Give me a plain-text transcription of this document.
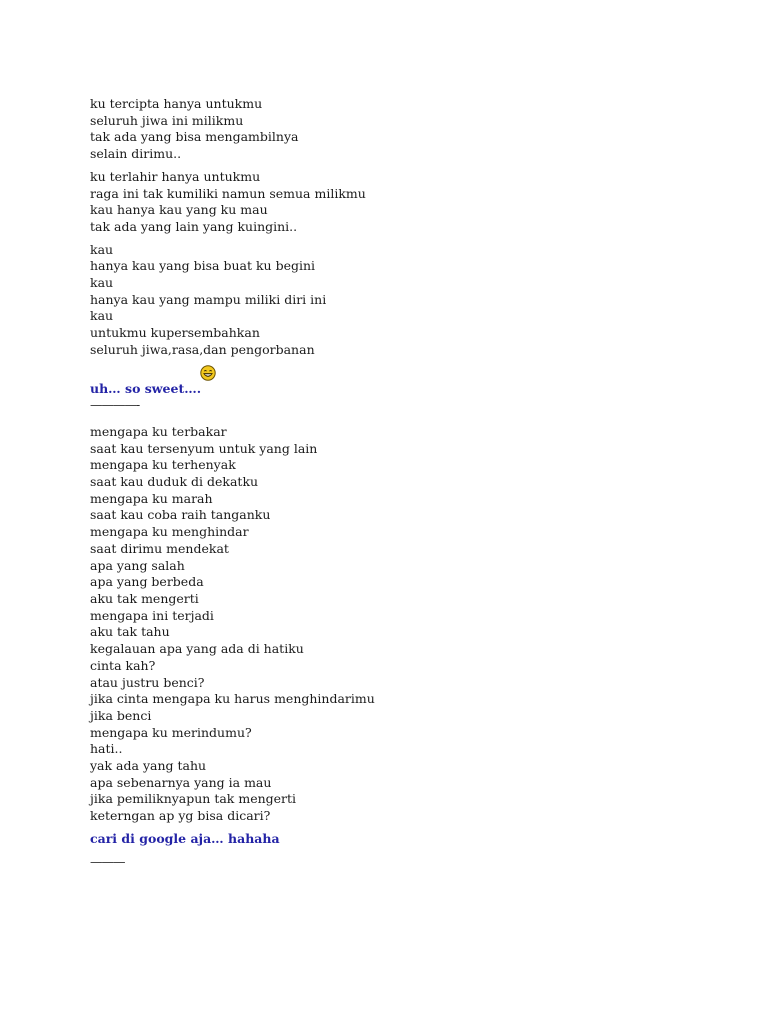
ku tercipta hanya untukmu
seluruh jiwa ini milikmu
tak ada yang bisa mengambilnya
selain dirimu..
ku terlahir hanya untukmu
raga ini tak kumiliki namun semua milikmu
kau hanya kau yang ku mau
tak ada yang lain yang kuingini..
kau
hanya kau yang bisa buat ku begini
kau
hanya kau yang mampu miliki diri ini
kau
untukmu kupersembahkan
seluruh jiwa,rasa,dan pengorbanan
uh… so sweet….
————-
mengapa ku terbakar
saat kau tersenyum untuk yang lain
mengapa ku terhenyak
saat kau duduk di dekatku
mengapa ku marah
saat kau coba raih tanganku
mengapa ku menghindar
saat dirimu mendekat
apa yang salah
apa yang berbeda
aku tak mengerti
mengapa ini terjadi
aku tak tahu
kegalauan apa yang ada di hatiku
cinta kah?
atau justru benci?
jika cinta mengapa ku harus menghindarimu
jika benci
mengapa ku merindumu?
hati..
yak ada yang tahu
apa sebenarnya yang ia mau
jika pemiliknyapun tak mengerti
keterngan ap yg bisa dicari?
cari di google aja… hahaha
———
